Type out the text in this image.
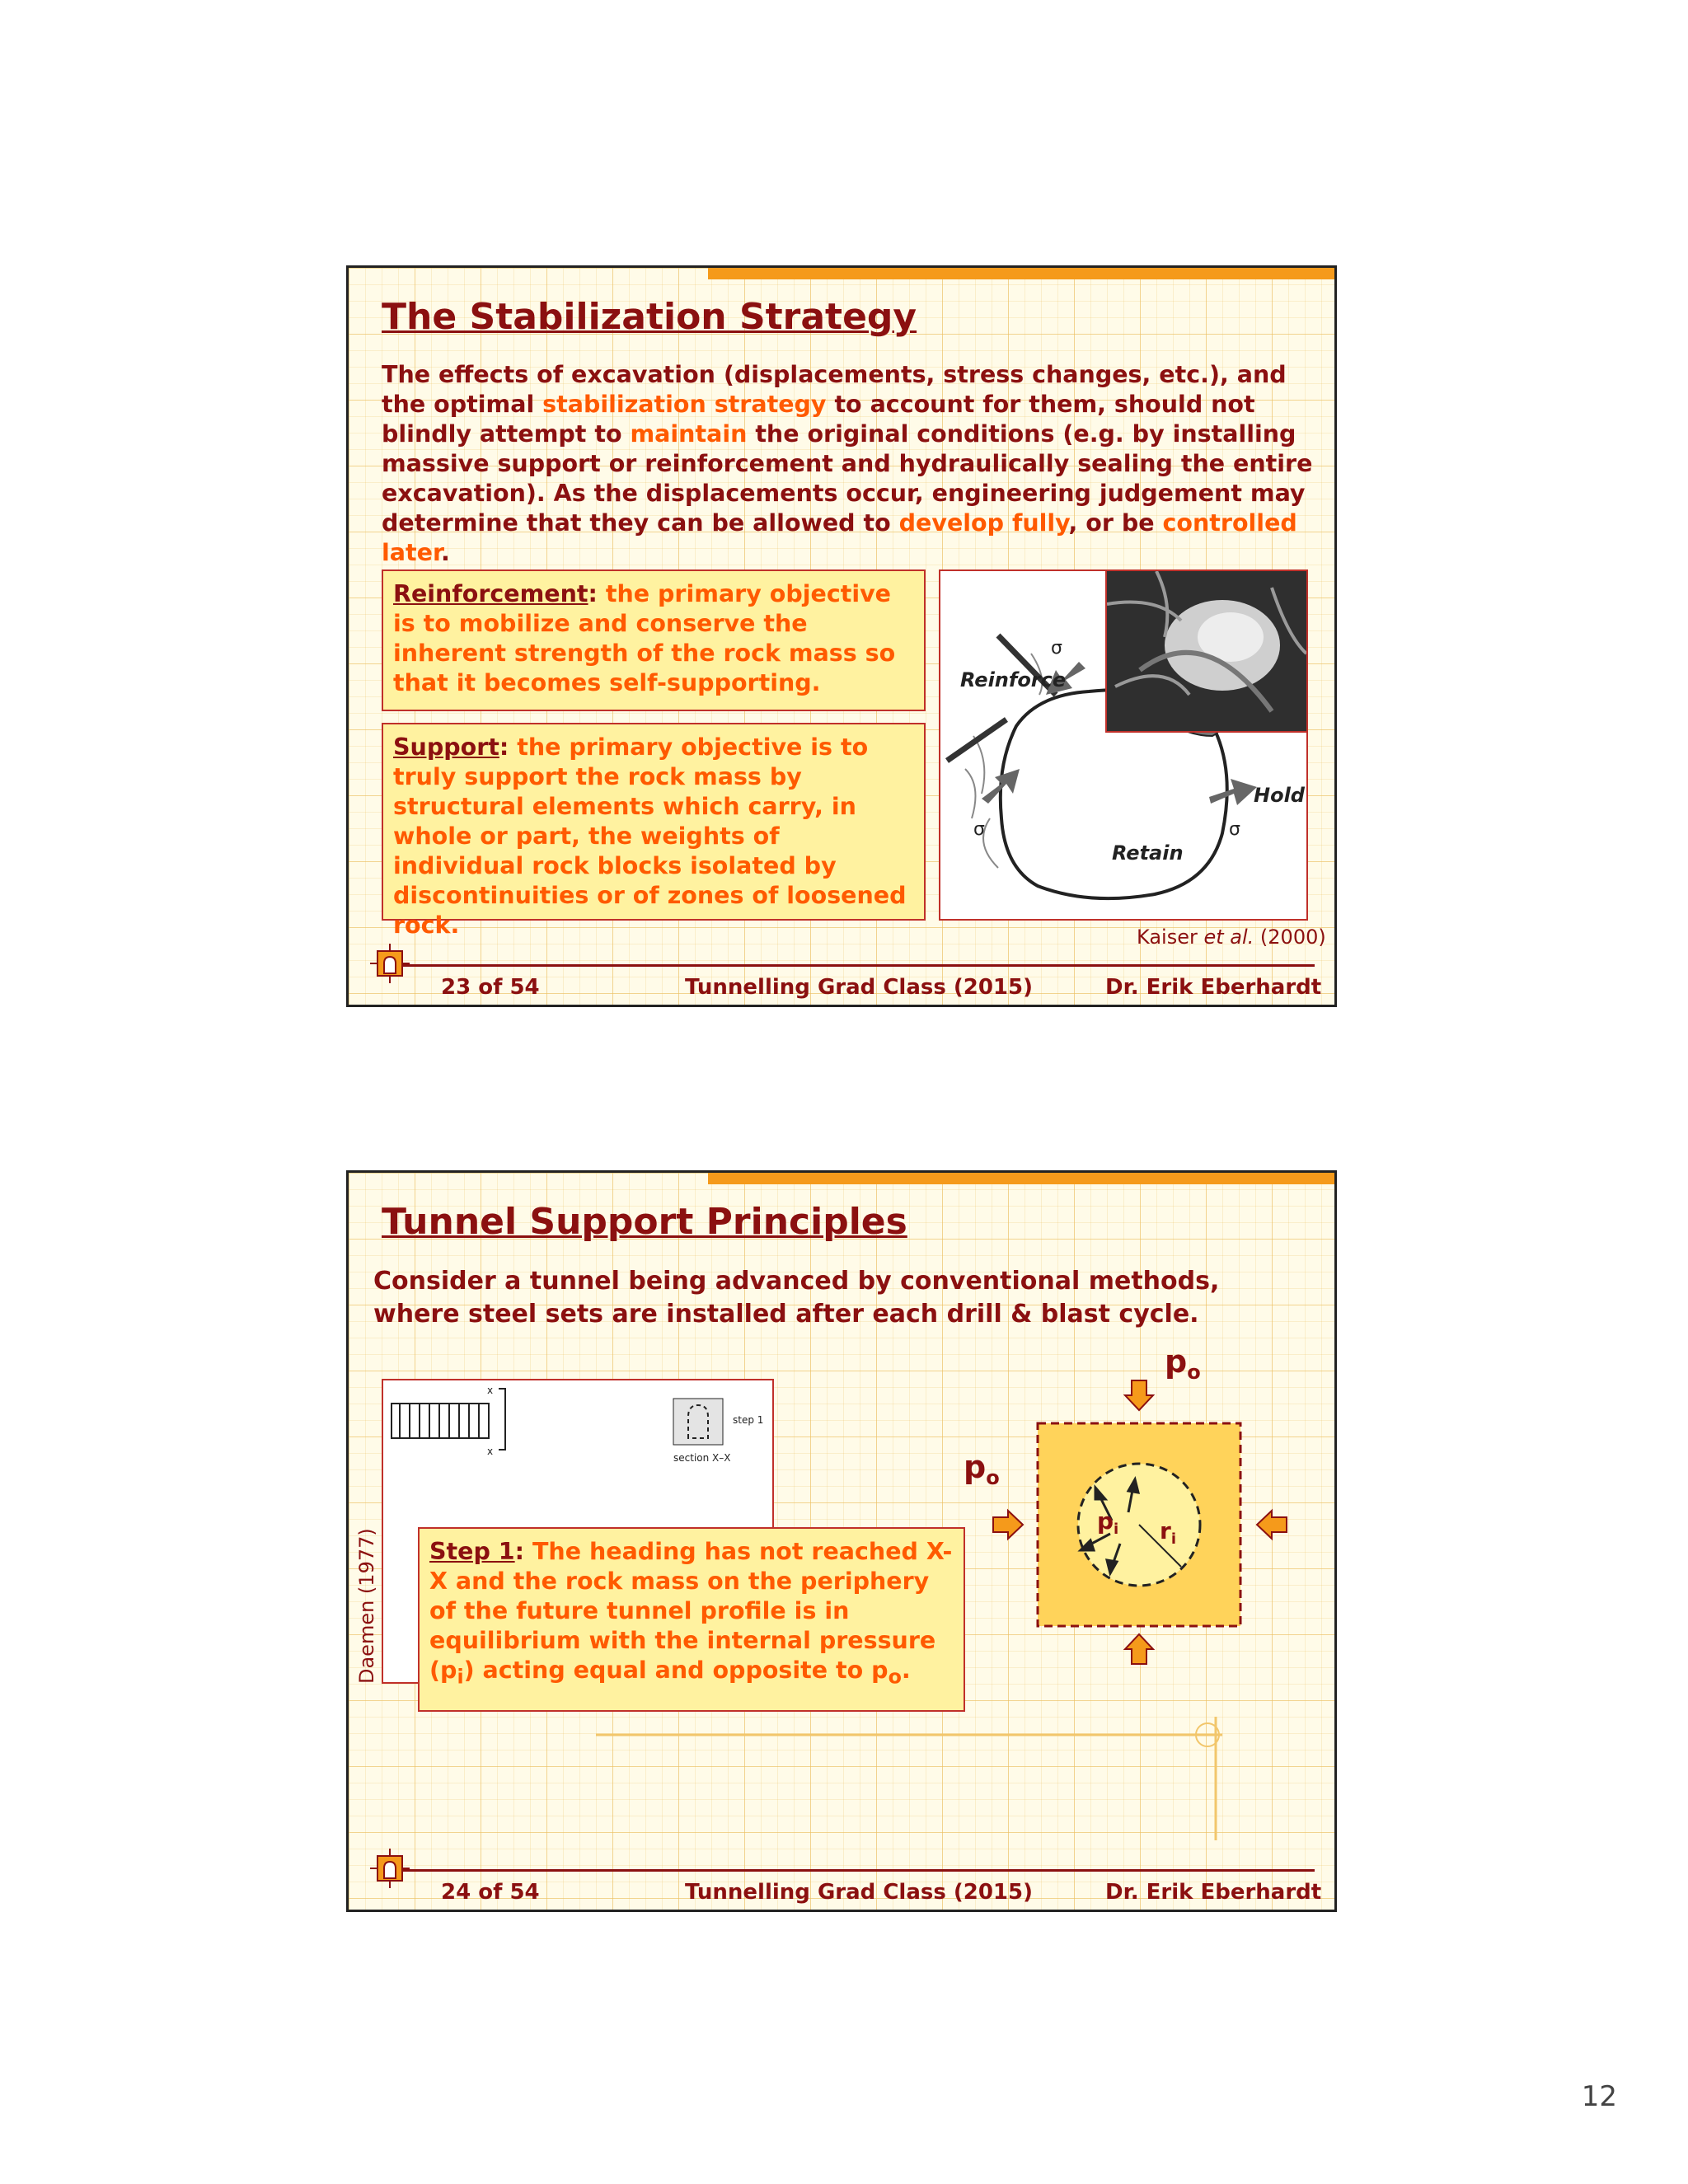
The Stabilization Strategy

The effects of excavation (displacements, stress changes, etc.), and the optimal stabilization strategy to account for them, should not blindly attempt to maintain the original conditions (e.g. by installing massive support or reinforcement and hydraulically sealing the entire excavation). As the displacements occur, engineering judgement may determine that they can be allowed to develop fully, or be controlled later.

Reinforcement: the primary objective is to mobilize and conserve the inherent strength of the rock mass so that it becomes self-supporting.
Support: the primary objective is to truly support the rock mass by structural elements which carry, in whole or part, the weights of individual rock blocks isolated by discontinuities or of zones of loosened rock.
σ
σ
σ
Reinforce
Hold
Retain
Kaiser et al. (2000)
23 of 54	Tunnelling Grad Class (2015)	Dr. Erik Eberhardt
Tunnel Support Principles

Consider a tunnel being advanced by conventional methods, where steel sets are installed after each drill & blast cycle.

x
x
step 1
section X–X
Step 1: The heading has not reached X-X and the rock mass on the periphery of the future tunnel profile is in equilibrium with the internal pressure $(p_i)$ acting equal and opposite to $p_o$.
$p_o$
$p_o$
$p_i$ $r_i$
Daemen (1977)
24 of 54	Tunnelling Grad Class (2015)	Dr. Erik Eberhardt
12
